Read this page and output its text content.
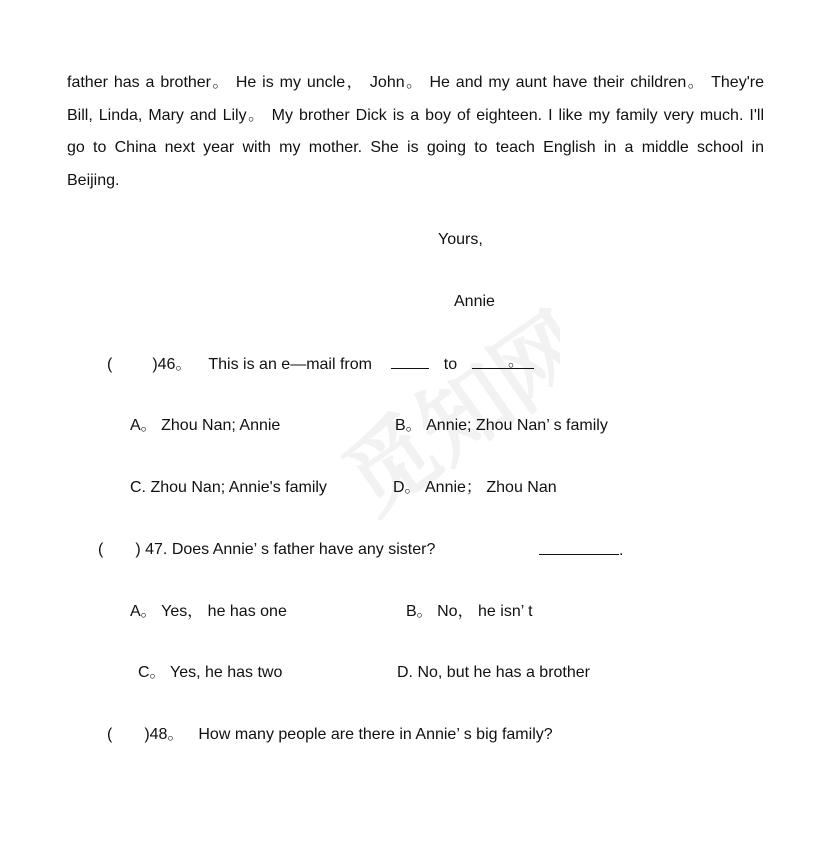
觅知网
father has a brother。 He is my uncle， John。 He and my aunt have their children。 They're
Bill, Linda, Mary and Lily。 My brother Dick is a boy of eighteen. I like my family very much. I'll
go to China next year with my mother. She is going to teach English in a middle school in
Beijing.
Yours,
Annie
(	)46。 This is an e—mail from	to	。
A。 Zhou Nan; Annie	B。 Annie; Zhou Nan’ s family
C. Zhou Nan; Annie's family	D。 Annie； Zhou Nan
( ) 47. Does Annie’ s father have any sister?	.
A。 Yes， he has one	B。 No， he isn’ t
C。 Yes, he has two	D. No, but he has a brother
( )48。 How many people are there in Annie’ s big family?
